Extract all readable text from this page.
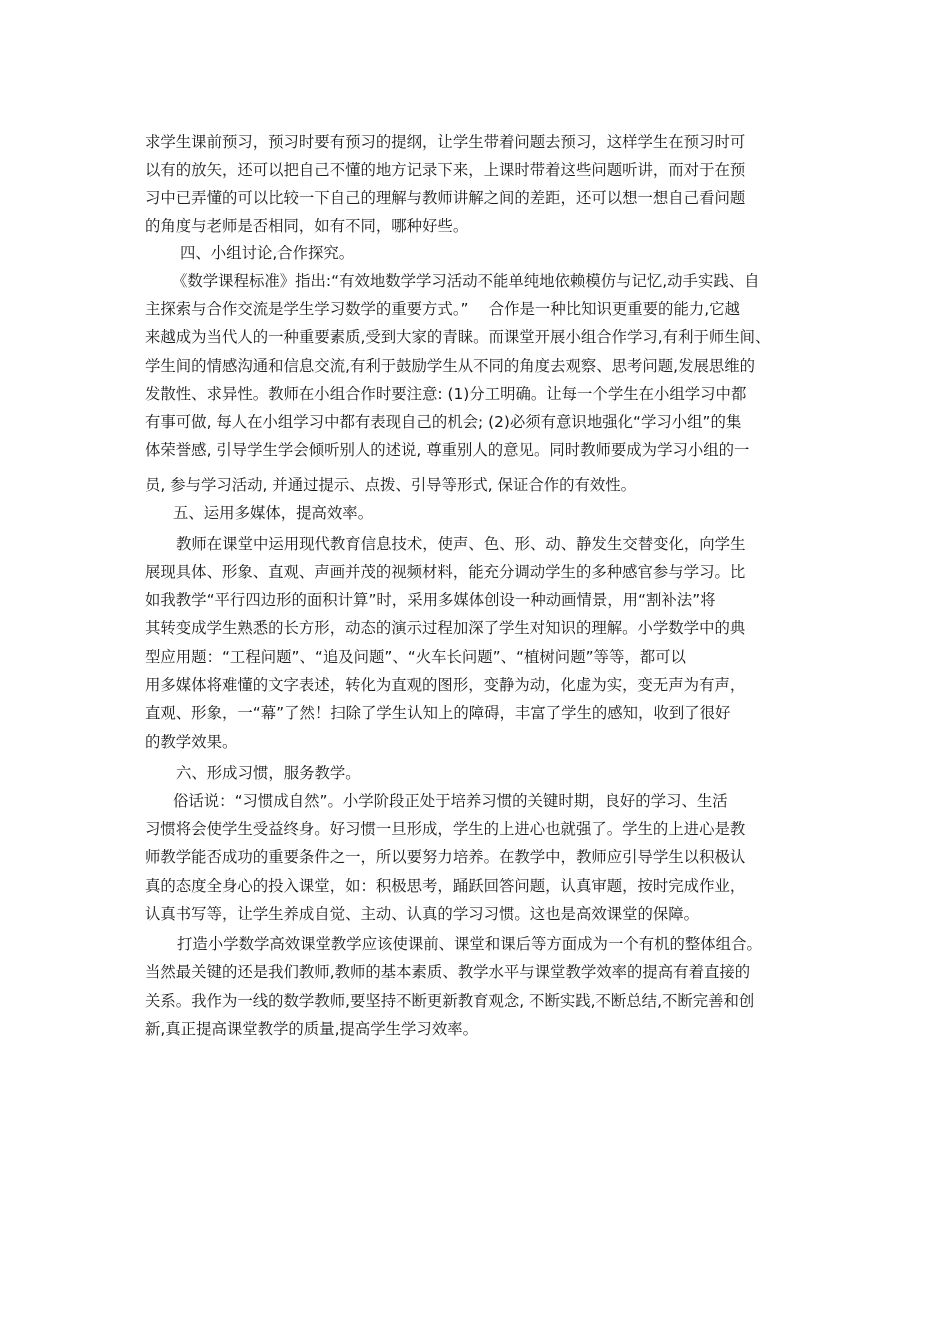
求学生课前预习，预习时要有预习的提纲，让学生带着问题去预习，这样学生在预习时可
以有的放矢，还可以把自己不懂的地方记录下来，上课时带着这些问题听讲，而对于在预
习中已弄懂的可以比较一下自己的理解与教师讲解之间的差距，还可以想一想自己看问题
的角度与老师是否相同，如有不同，哪种好些。
四、小组讨论,合作探究。
《数学课程标准》指出:“有效地数学学习活动不能单纯地依赖模仿与记忆,动手实践、自
主探索与合作交流是学生学习数学的重要方式。”　 合作是一种比知识更重要的能力,它越
来越成为当代人的一种重要素质,受到大家的青睐。而课堂开展小组合作学习,有利于师生间、
学生间的情感沟通和信息交流,有利于鼓励学生从不同的角度去观察、思考问题,发展思维的
发散性、求异性。教师在小组合作时要注意: (1)分工明确。让每一个学生在小组学习中都
有事可做, 每人在小组学习中都有表现自己的机会; (2)必须有意识地强化“学习小组”的集
体荣誉感, 引导学生学会倾听别人的述说, 尊重别人的意见。同时教师要成为学习小组的一
员, 参与学习活动, 并通过提示、点拨、引导等形式, 保证合作的有效性。
五、运用多媒体，提高效率。
教师在课堂中运用现代教育信息技术，使声、色、形、动、静发生交替变化，向学生
展现具体、形象、直观、声画并茂的视频材料，能充分调动学生的多种感官参与学习。比
如我教学“平行四边形的面积计算”时，采用多媒体创设一种动画情景，用“割补法”将
其转变成学生熟悉的长方形，动态的演示过程加深了学生对知识的理解。小学数学中的典
型应用题：“工程问题”、“追及问题”、“火车长问题”、“植树问题”等等，都可以
用多媒体将难懂的文字表述，转化为直观的图形，变静为动，化虚为实，变无声为有声，
直观、形象，一“幕”了然！扫除了学生认知上的障碍，丰富了学生的感知，收到了很好
的教学效果。
六、形成习惯，服务教学。
俗话说：“习惯成自然”。小学阶段正处于培养习惯的关键时期，良好的学习、生活
习惯将会使学生受益终身。好习惯一旦形成，学生的上进心也就强了。学生的上进心是教
师教学能否成功的重要条件之一，所以要努力培养。在教学中，教师应引导学生以积极认
真的态度全身心的投入课堂，如：积极思考，踊跃回答问题，认真审题，按时完成作业，
认真书写等，让学生养成自觉、主动、认真的学习习惯。这也是高效课堂的保障。
打造小学数学高效课堂教学应该使课前、课堂和课后等方面成为一个有机的整体组合。
当然最关键的还是我们教师,教师的基本素质、教学水平与课堂教学效率的提高有着直接的
关系。我作为一线的数学教师,要坚持不断更新教育观念, 不断实践,不断总结,不断完善和创
新,真正提高课堂教学的质量,提高学生学习效率。
